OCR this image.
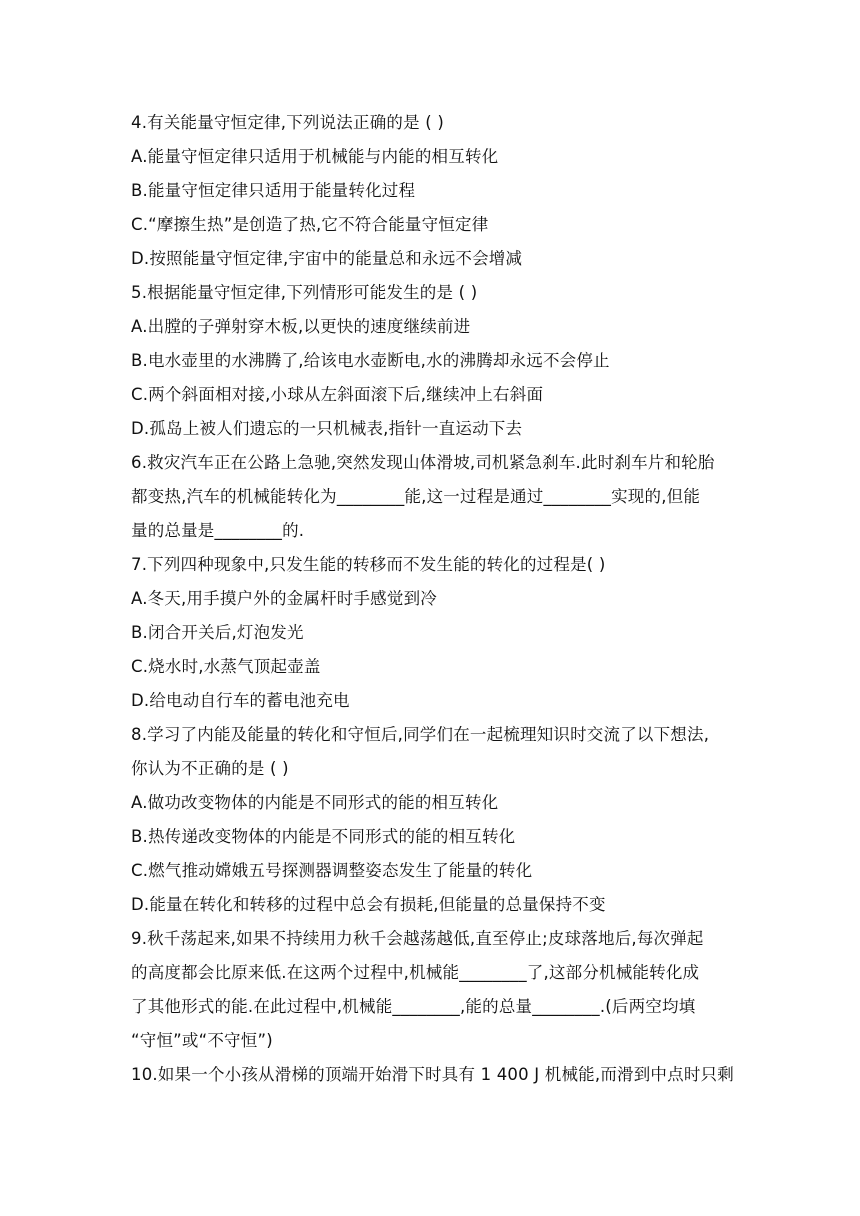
4.有关能量守恒定律,下列说法正确的是 ( )
A.能量守恒定律只适用于机械能与内能的相互转化
B.能量守恒定律只适用于能量转化过程
C.“摩擦生热”是创造了热,它不符合能量守恒定律
D.按照能量守恒定律,宇宙中的能量总和永远不会增减
5.根据能量守恒定律,下列情形可能发生的是 ( )
A.出膛的子弹射穿木板,以更快的速度继续前进
B.电水壶里的水沸腾了,给该电水壶断电,水的沸腾却永远不会停止
C.两个斜面相对接,小球从左斜面滚下后,继续冲上右斜面
D.孤岛上被人们遗忘的一只机械表,指针一直运动下去
6.救灾汽车正在公路上急驰,突然发现山体滑坡,司机紧急刹车.此时刹车片和轮胎
都变热,汽车的机械能转化为________能,这一过程是通过________实现的,但能
量的总量是________的.
7.下列四种现象中,只发生能的转移而不发生能的转化的过程是( )
A.冬天,用手摸户外的金属杆时手感觉到冷
B.闭合开关后,灯泡发光
C.烧水时,水蒸气顶起壶盖
D.给电动自行车的蓄电池充电
8.学习了内能及能量的转化和守恒后,同学们在一起梳理知识时交流了以下想法,
你认为不正确的是 ( )
A.做功改变物体的内能是不同形式的能的相互转化
B.热传递改变物体的内能是不同形式的能的相互转化
C.燃气推动嫦娥五号探测器调整姿态发生了能量的转化
D.能量在转化和转移的过程中总会有损耗,但能量的总量保持不变
9.秋千荡起来,如果不持续用力秋千会越荡越低,直至停止;皮球落地后,每次弹起
的高度都会比原来低.在这两个过程中,机械能________了,这部分机械能转化成
了其他形式的能.在此过程中,机械能________,能的总量________.(后两空均填
“守恒”或“不守恒”)
10.如果一个小孩从滑梯的顶端开始滑下时具有 1 400 J 机械能,而滑到中点时只剩
